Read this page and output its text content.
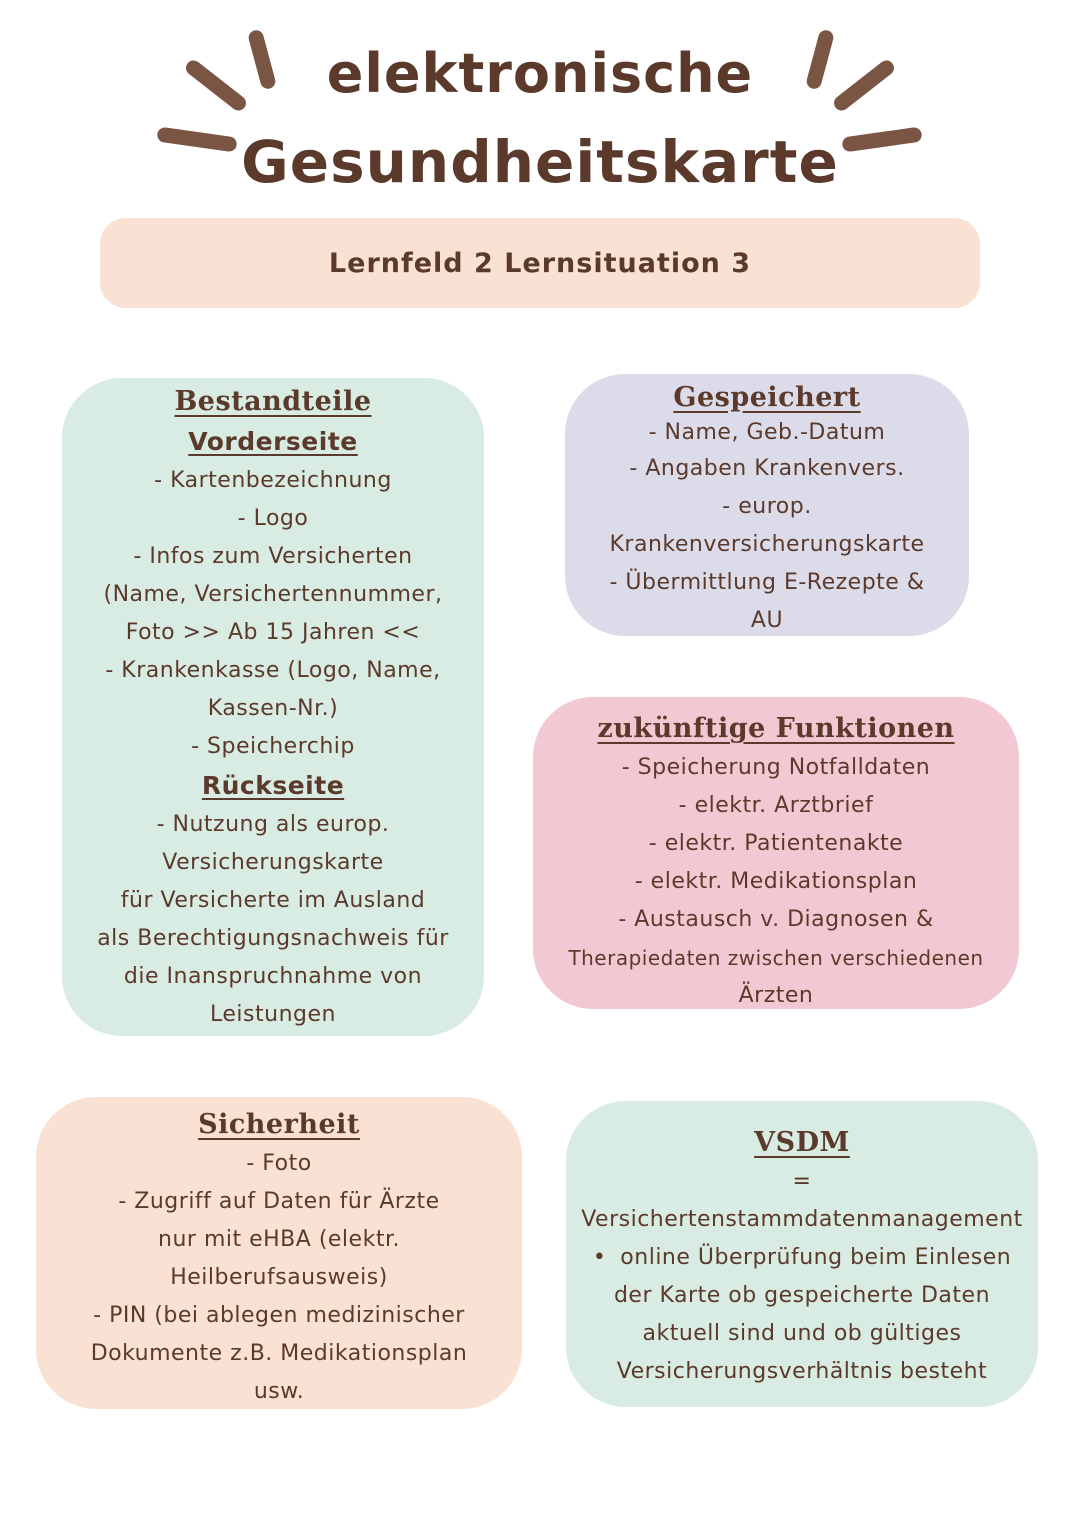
elektronische
Gesundheitskarte
Lernfeld 2 Lernsituation 3
Bestandteile
Vorderseite
- Kartenbezeichnung
- Logo
- Infos zum Versicherten
(Name, Versichertennummer,
Foto >> Ab 15 Jahren <<
- Krankenkasse (Logo, Name,
Kassen-Nr.)
- Speicherchip
Rückseite
- Nutzung als europ.
Versicherungskarte
für Versicherte im Ausland
als Berechtigungsnachweis für
die Inanspruchnahme von
Leistungen
Gespeichert
- Name, Geb.-Datum
- Angaben Krankenvers.
- europ.
Krankenversicherungskarte
- Übermittlung E-Rezepte &
AU
zukünftige Funktionen
- Speicherung Notfalldaten
- elektr. Arztbrief
- elektr. Patientenakte
- elektr. Medikationsplan
- Austausch v. Diagnosen &
Therapiedaten zwischen verschiedenen
Ärzten
Sicherheit
- Foto
- Zugriff auf Daten für Ärzte
nur mit eHBA (elektr.
Heilberufsausweis)
- PIN (bei ablegen medizinischer
Dokumente z.B. Medikationsplan
usw.
VSDM
=
Versichertenstammdatenmanagement
• online Überprüfung beim Einlesen
der Karte ob gespeicherte Daten
aktuell sind und ob gültiges
Versicherungsverhältnis besteht
